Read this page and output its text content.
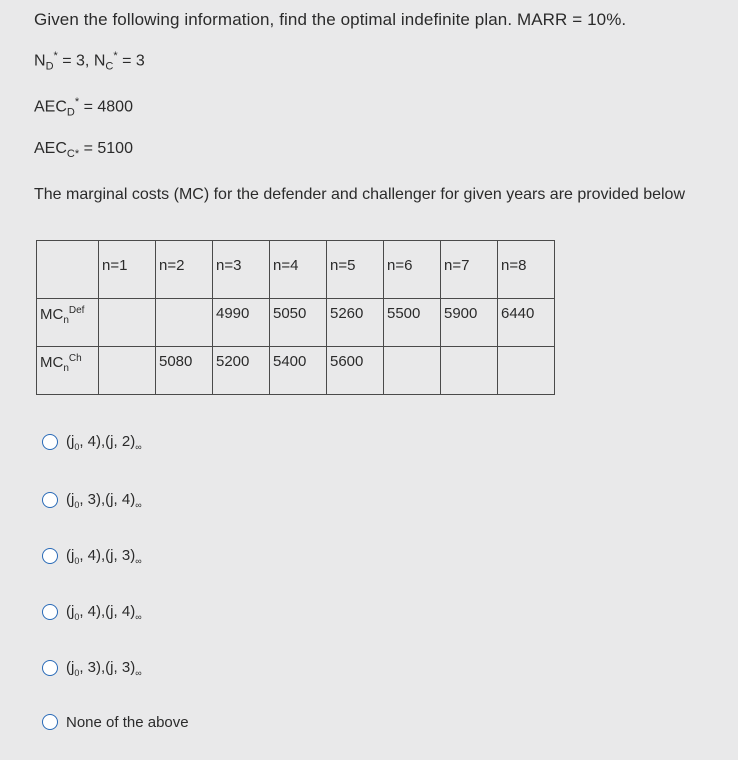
Given the following information, find the optimal indefinite plan. MARR = 10%.
$N_D^* = 3$, $N_C^* = 3$
$AEC_D^* = 4800$
$AEC_{C*} = 5100$
The marginal costs (MC) for the defender and challenger for given years are provided below
	n=1	n=2	n=3	n=4	n=5	n=6	n=7	n=8
$MC_n^{Def}$			4990	5050	5260	5500	5900	6440
$MC_n^{Ch}$		5080	5200	5400	5600			
($j_0$, 4),(j, $2)_\infty$
($j_0$, 3),(j, $4)_\infty$
($j_0$, 4),(j, $3)_\infty$
($j_0$, 4),(j, $4)_\infty$
($j_0$, 3),(j, $3)_\infty$
None of the above
